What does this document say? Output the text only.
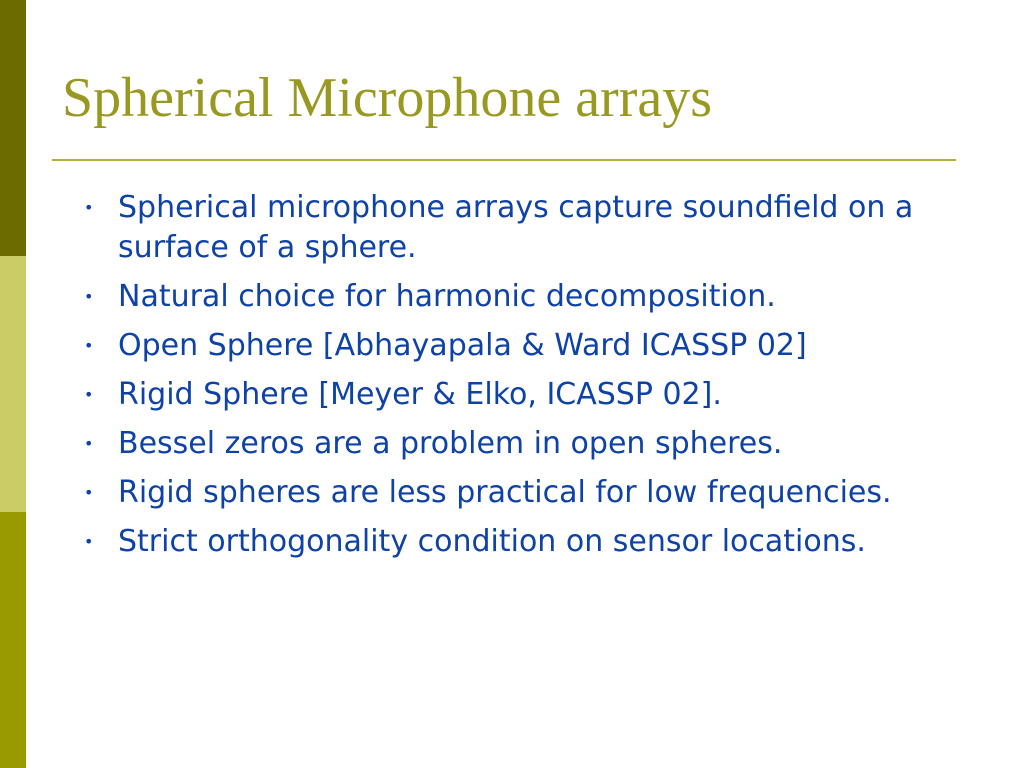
Spherical Microphone arrays
• Spherical microphone arrays capture soundfield on a surface of a sphere.
• Natural choice for harmonic decomposition.
• Open Sphere [Abhayapala & Ward ICASSP 02]
• Rigid Sphere [Meyer & Elko, ICASSP 02].
• Bessel zeros are a problem in open spheres.
• Rigid spheres are less practical for low frequencies.
• Strict orthogonality condition on sensor locations.
